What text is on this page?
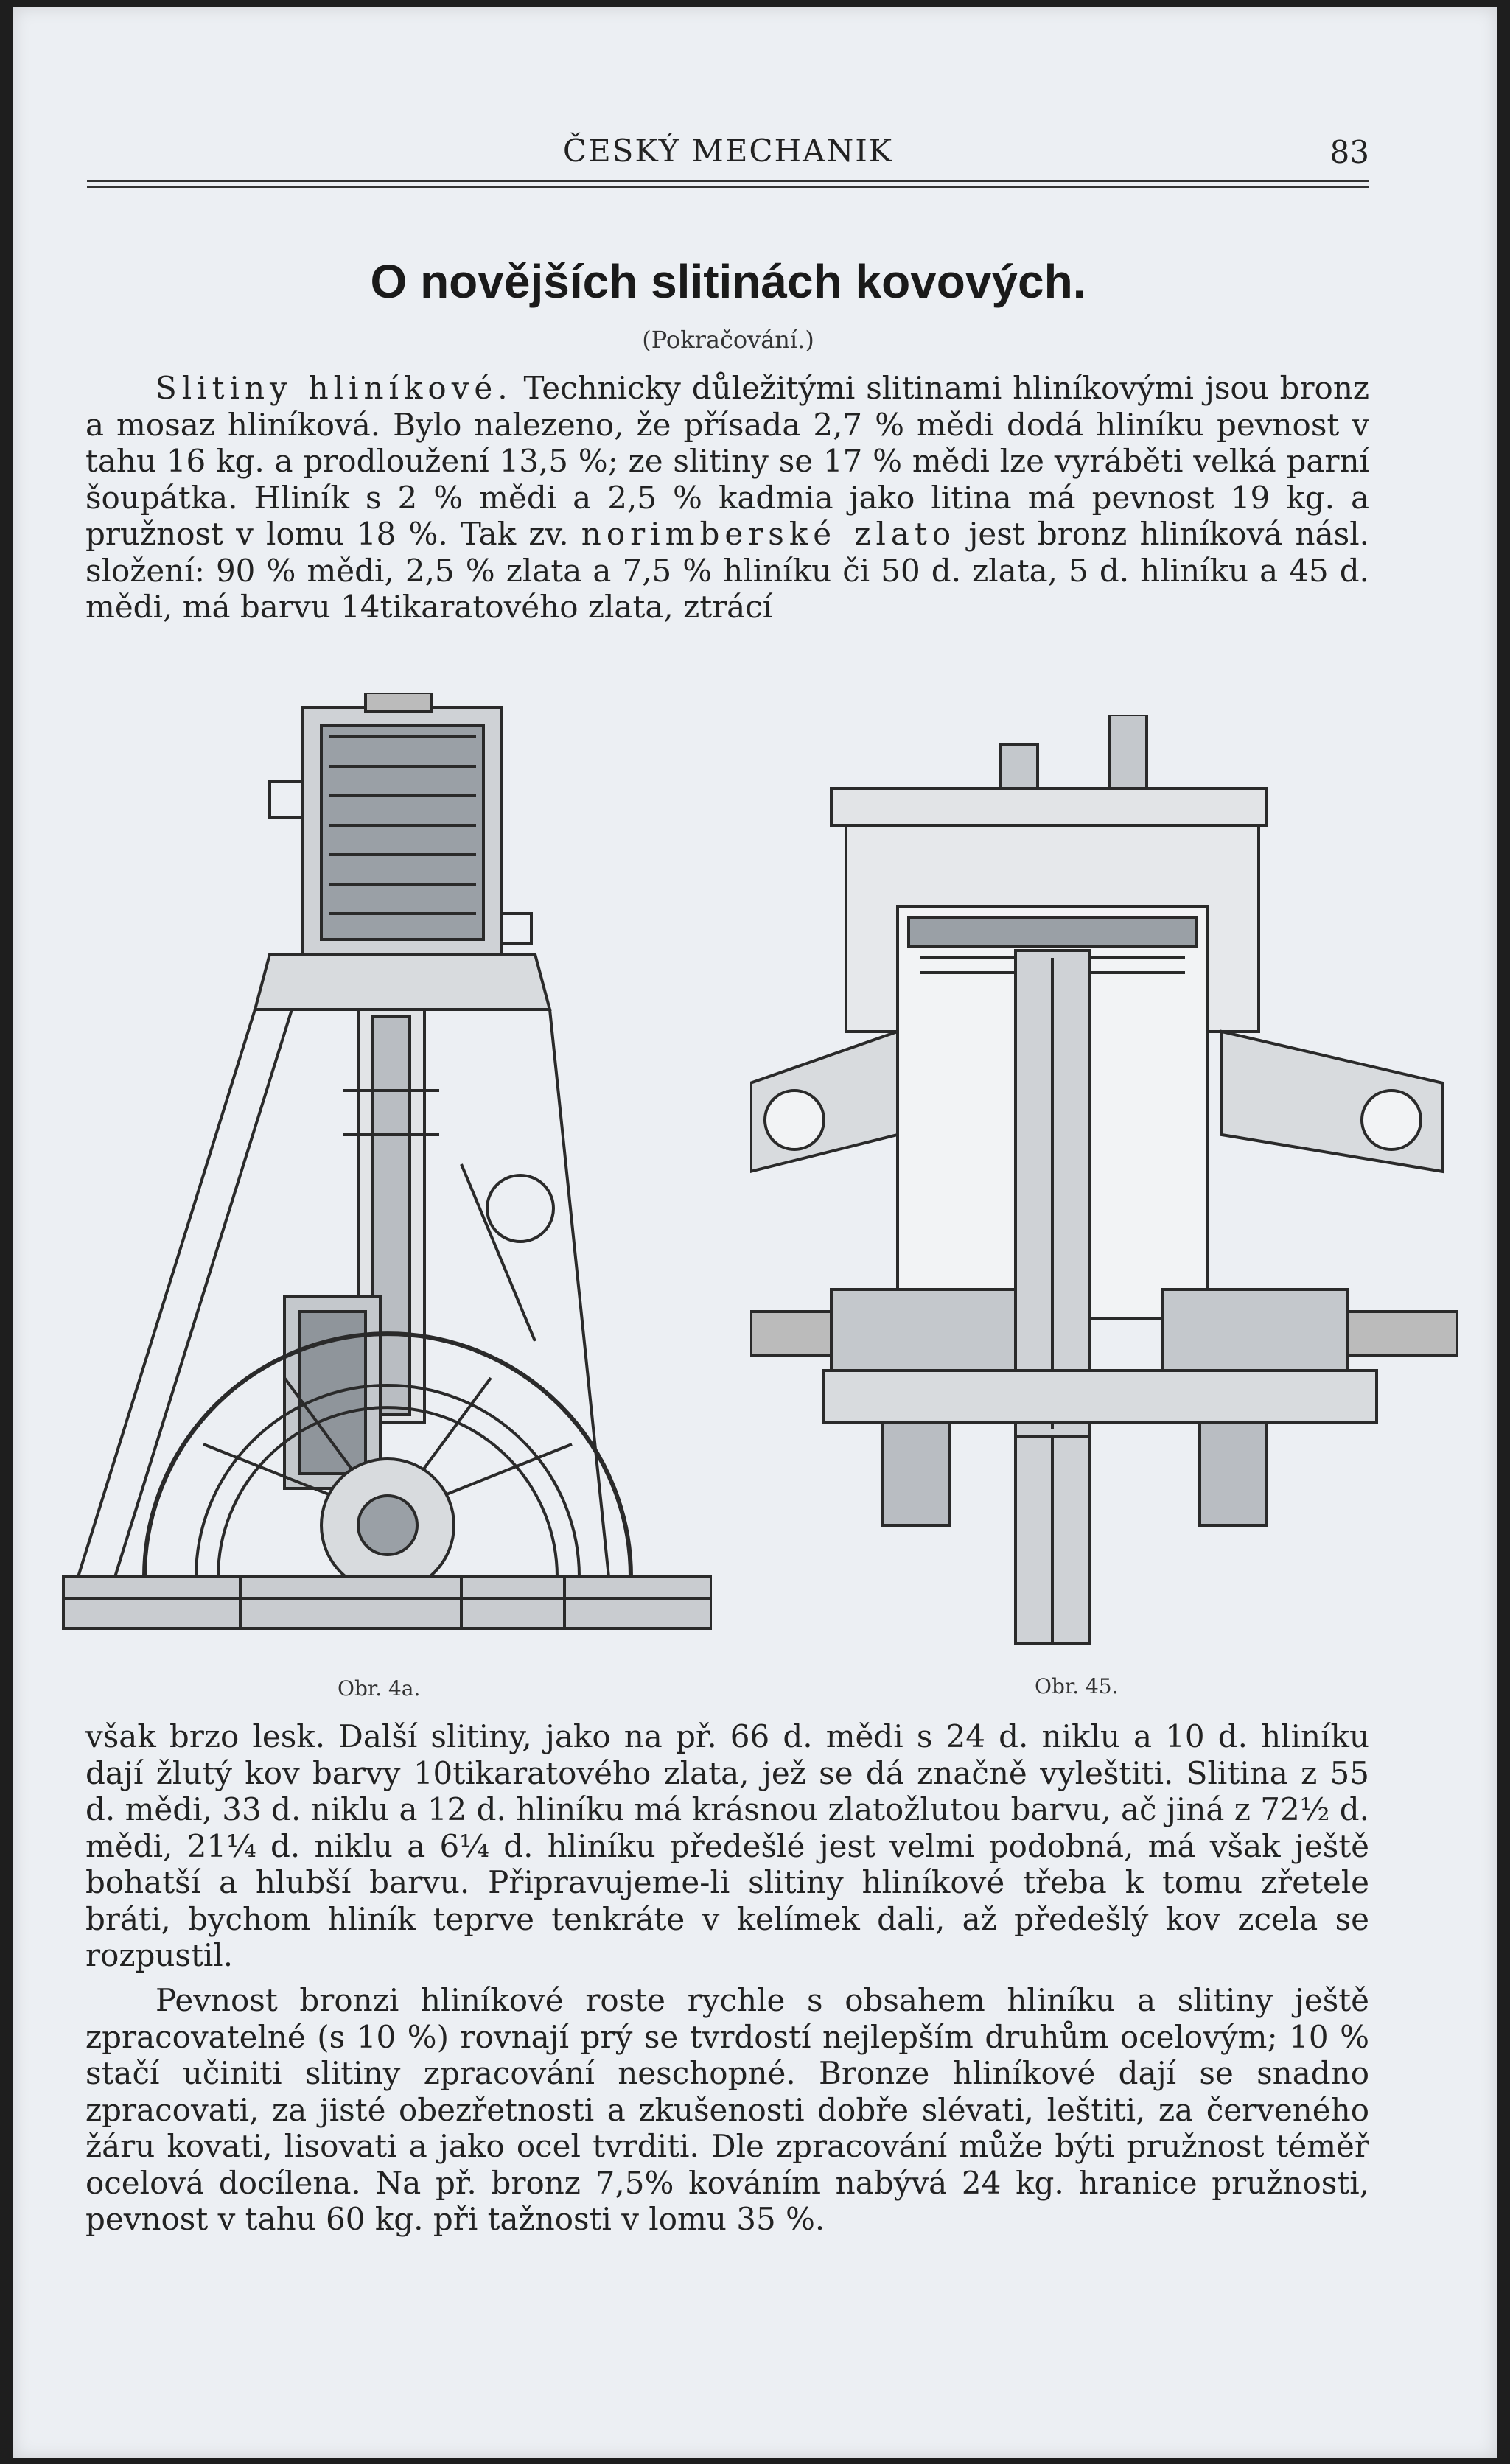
ČESKÝ MECHANIK	83
O novějších slitinách kovových.
(Pokračování.)

Slitiny hliníkové. Technicky důležitými slitinami hliníkovými jsou bronz a mosaz hliníková. Bylo nalezeno, že přísada 2,7 % mědi dodá hliníku pevnost v tahu 16 kg. a prodloužení 13,5 %; ze slitiny se 17 % mědi lze vyráběti velká parní šoupátka. Hliník s 2 % mědi a 2,5 % kadmia jako litina má pevnost 19 kg. a pružnost v lomu 18 %. Tak zv. norimberské zlato jest bronz hliníková násl. složení: 90 % mědi, 2,5 % zlata a 7,5 % hliníku či 50 d. zlata, 5 d. hliníku a 45 d. mědi, má barvu 14tikaratového zlata, ztrácí

Obr. 4a.	Obr. 45.

však brzo lesk. Další slitiny, jako na př. 66 d. mědi s 24 d. niklu a 10 d. hliníku dají žlutý kov barvy 10tikaratového zlata, jež se dá značně vyleštiti. Slitina z 55 d. mědi, 33 d. niklu a 12 d. hliníku má krásnou zlatožlutou barvu, ač jiná z 72½ d. mědi, 21¼ d. niklu a 6¼ d. hliníku předešlé jest velmi podobná, má však ještě bohatší a hlubší barvu. Připravujeme-li slitiny hliníkové třeba k tomu zřetele bráti, bychom hliník teprve tenkráte v kelímek dali, až předešlý kov zcela se rozpustil.

Pevnost bronzi hliníkové roste rychle s obsahem hliníku a slitiny ještě zpracovatelné (s 10 %) rovnají prý se tvrdostí nejlepším druhům ocelovým; 10 % stačí učiniti slitiny zpracování neschopné. Bronze hliníkové dají se snadno zpracovati, za jisté obezřetnosti a zkušenosti dobře slévati, leštiti, za červeného žáru kovati, lisovati a jako ocel tvrditi. Dle zpracování může býti pružnost téměř ocelová docílena. Na př. bronz 7,5% kováním nabývá 24 kg. hranice pružnosti, pevnost v tahu 60 kg. při tažnosti v lomu 35 %.
